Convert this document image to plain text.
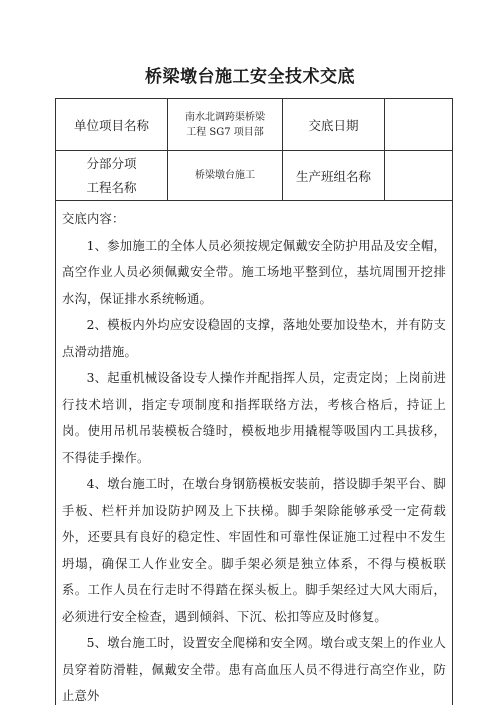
桥梁墩台施工安全技术交底
单位项目名称
南水北调跨渠桥梁
工程 SG7 项目部	交底日期
分部分项
工程名称
桥梁墩台施工	生产班组名称

交底内容：

1、参加施工的全体人员必须按规定佩戴安全防护用品及安全帽，高空作业人员必须佩戴安全带。施工场地平整到位，基坑周围开挖排水沟，保证排水系统畅通。

2、模板内外均应安设稳固的支撑，落地处要加设垫木，并有防支点滑动措施。

3、起重机械设备设专人操作并配指挥人员，定责定岗；上岗前进行技术培训，指定专项制度和指挥联络方法，考核合格后，持证上岗。使用吊机吊装模板合缝时，模板地步用撬棍等吸国内工具拔移，不得徒手操作。

4、墩台施工时，在墩台身钢筋模板安装前，搭设脚手架平台、脚手板、栏杆并加设防护网及上下扶梯。脚手架除能够承受一定荷载外，还要具有良好的稳定性、牢固性和可靠性保证施工过程中不发生坍塌，确保工人作业安全。脚手架必须是独立体系，不得与模板联系。工作人员在行走时不得踏在探头板上。脚手架经过大风大雨后，必须进行安全检查，遇到倾斜、下沉、松扣等应及时修复。

5、墩台施工时，设置安全爬梯和安全网。墩台或支架上的作业人员穿着防滑鞋，佩戴安全带。患有高血压人员不得进行高空作业，防止意外
